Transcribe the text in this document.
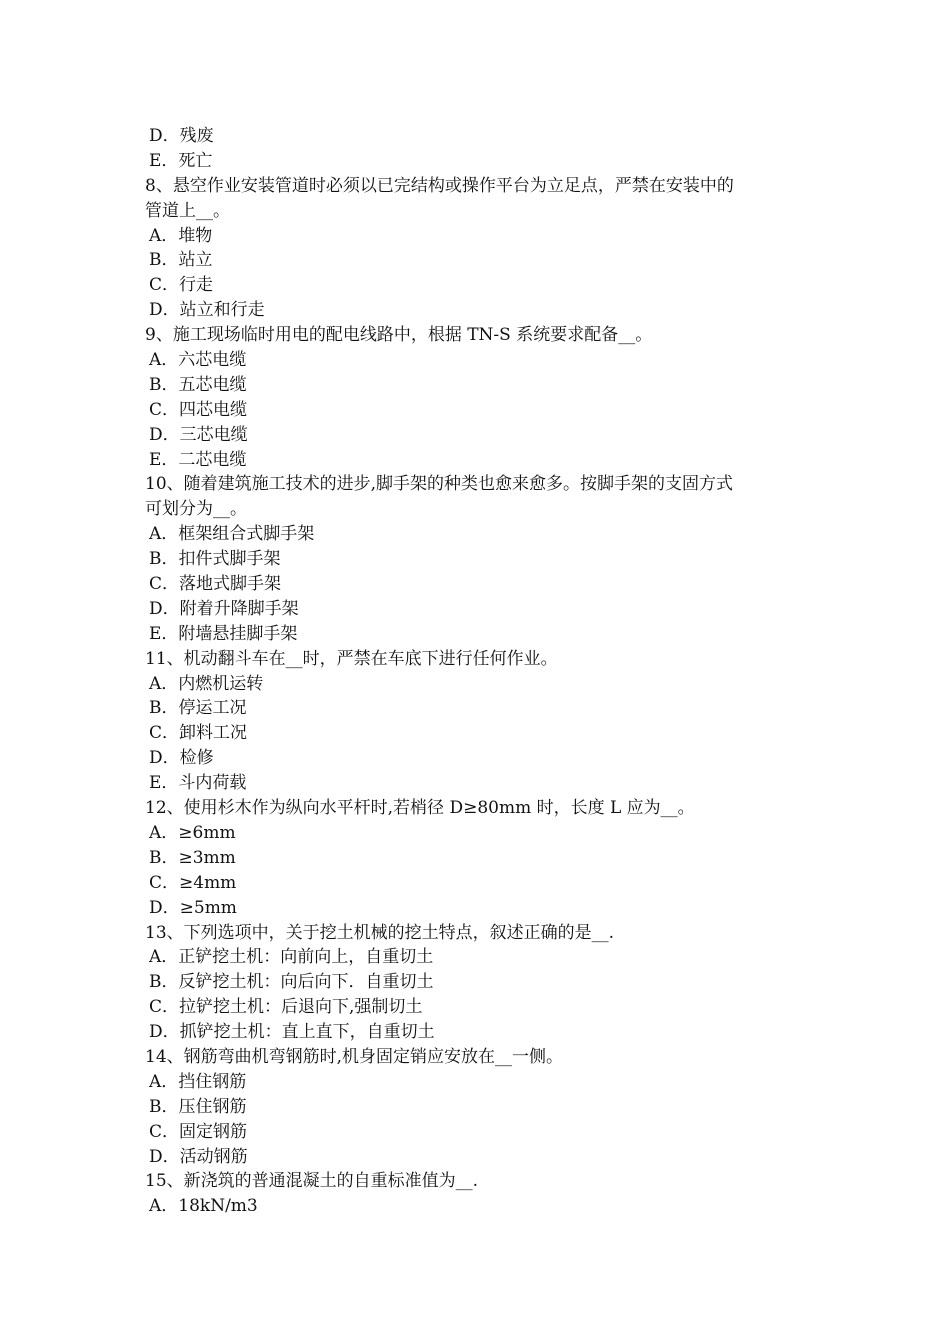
D．残废
E．死亡
8、悬空作业安装管道时必须以已完结构或操作平台为立足点，严禁在安装中的
管道上__。
A．堆物
B．站立
C．行走
D．站立和行走
9、施工现场临时用电的配电线路中，根据 TN-S 系统要求配备__。
A．六芯电缆
B．五芯电缆
C．四芯电缆
D．三芯电缆
E．二芯电缆
10、随着建筑施工技术的进步,脚手架的种类也愈来愈多。按脚手架的支固方式
可划分为__。
A．框架组合式脚手架
B．扣件式脚手架
C．落地式脚手架
D．附着升降脚手架
E．附墙悬挂脚手架
11、机动翻斗车在__时，严禁在车底下进行任何作业。
A．内燃机运转
B．停运工况
C．卸料工况
D．检修
E．斗内荷载
12、使用杉木作为纵向水平杆时,若梢径 D≥80mm 时，长度 L 应为__。
A．≥6mm
B．≥3mm
C．≥4mm
D．≥5mm
13、下列选项中，关于挖土机械的挖土特点，叙述正确的是__.
A．正铲挖土机：向前向上，自重切土
B．反铲挖土机：向后向下．自重切土
C．拉铲挖土机：后退向下,强制切土
D．抓铲挖土机：直上直下，自重切土
14、钢筋弯曲机弯钢筋时,机身固定销应安放在__一侧。
A．挡住钢筋
B．压住钢筋
C．固定钢筋
D．活动钢筋
15、新浇筑的普通混凝土的自重标准值为__.
A．18kN/m3
